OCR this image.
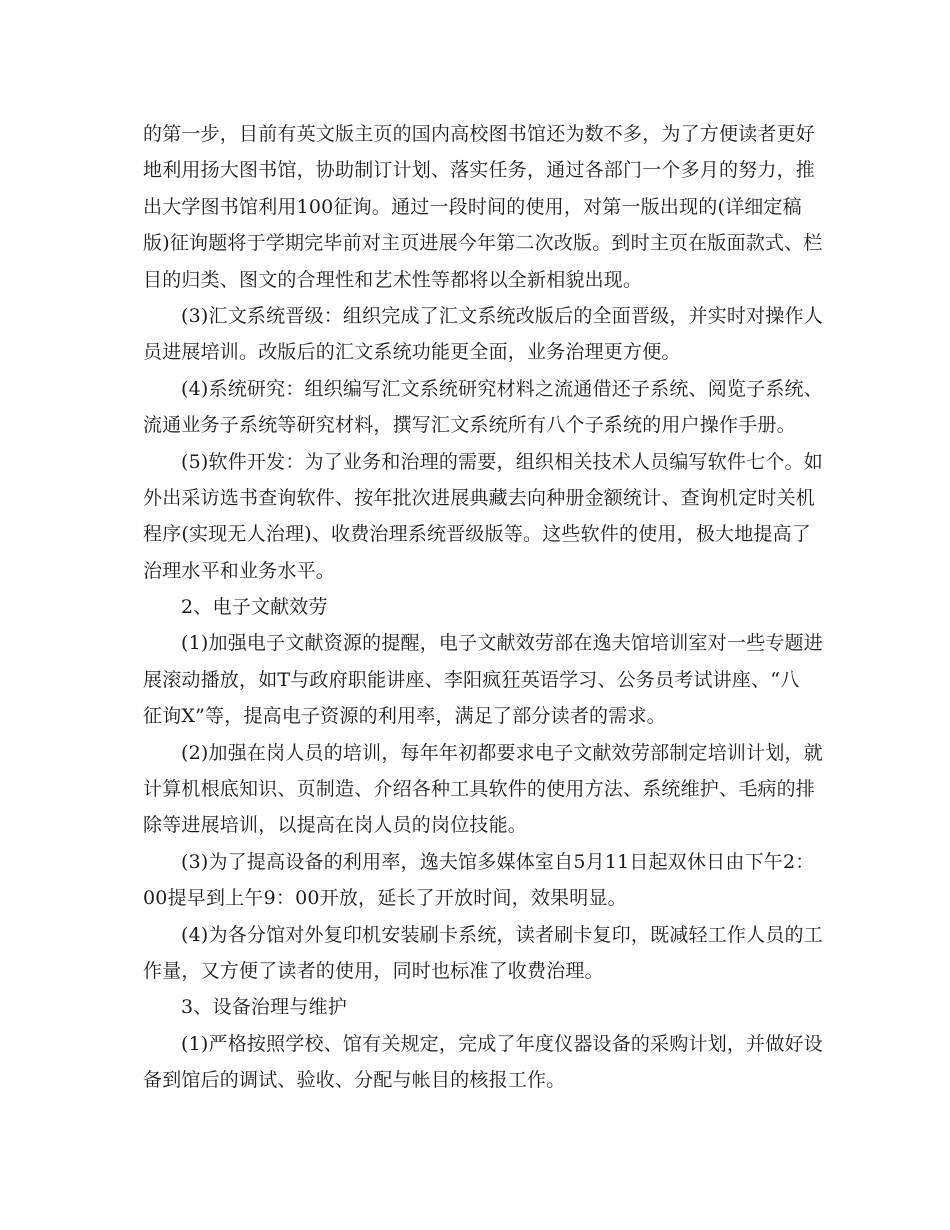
的第一步，目前有英文版主页的国内高校图书馆还为数不多，为了方便读者更好
地利用扬大图书馆，协助制订计划、落实任务，通过各部门一个多月的努力，推
出大学图书馆利用100征询。通过一段时间的使用，对第一版出现的(详细定稿
版)征询题将于学期完毕前对主页进展今年第二次改版。到时主页在版面款式、栏
目的归类、图文的合理性和艺术性等都将以全新相貌出现。
(3)汇文系统晋级：组织完成了汇文系统改版后的全面晋级，并实时对操作人
员进展培训。改版后的汇文系统功能更全面，业务治理更方便。
(4)系统研究：组织编写汇文系统研究材料之流通借还子系统、阅览子系统、
流通业务子系统等研究材料，撰写汇文系统所有八个子系统的用户操作手册。
(5)软件开发：为了业务和治理的需要，组织相关技术人员编写软件七个。如
外出采访选书查询软件、按年批次进展典藏去向种册金额统计、查询机定时关机
程序(实现无人治理)、收费治理系统晋级版等。这些软件的使用，极大地提高了
治理水平和业务水平。
2、电子文献效劳
(1)加强电子文献资源的提醒，电子文献效劳部在逸夫馆培训室对一些专题进
展滚动播放，如T与政府职能讲座、李阳疯狂英语学习、公务员考试讲座、“八
征询X”等，提高电子资源的利用率，满足了部分读者的需求。
(2)加强在岗人员的培训，每年年初都要求电子文献效劳部制定培训计划，就
计算机根底知识、页制造、介绍各种工具软件的使用方法、系统维护、毛病的排
除等进展培训，以提高在岗人员的岗位技能。
(3)为了提高设备的利用率，逸夫馆多媒体室自5月11日起双休日由下午2：
00提早到上午9：00开放，延长了开放时间，效果明显。
(4)为各分馆对外复印机安装刷卡系统，读者刷卡复印，既减轻工作人员的工
作量，又方便了读者的使用，同时也标准了收费治理。
3、设备治理与维护
(1)严格按照学校、馆有关规定，完成了年度仪器设备的采购计划，并做好设
备到馆后的调试、验收、分配与帐目的核报工作。
